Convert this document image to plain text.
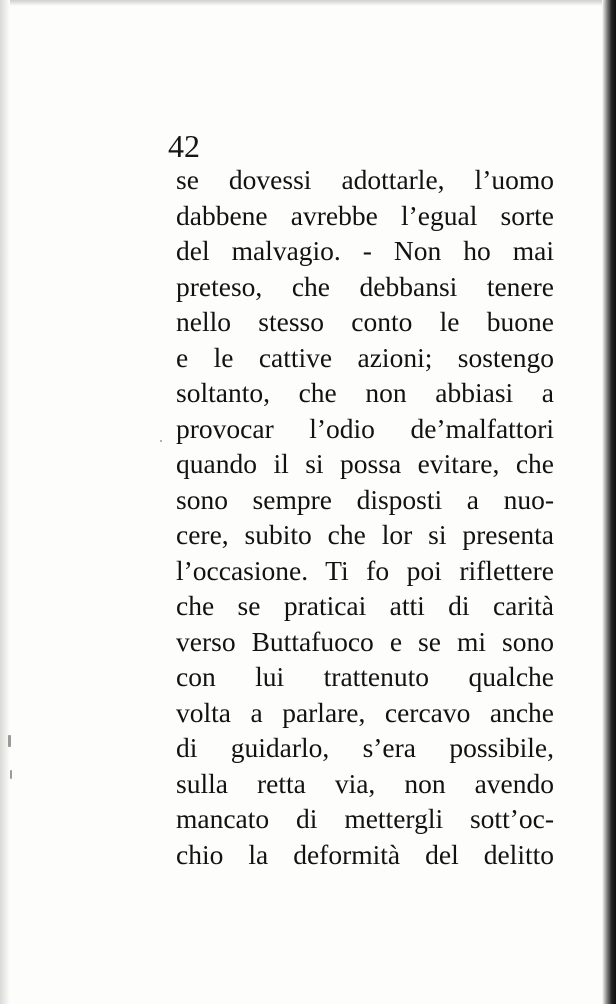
42
se dovessi adottarle, l’uomo
dabbene avrebbe l’egual sorte
del malvagio. - Non ho mai
preteso, che debbansi tenere
nello stesso conto le buone
e le cattive azioni; sostengo
soltanto, che non abbiasi a
provocar l’odio de’malfattori
quando il si possa evitare, che
sono sempre disposti a nuo-
cere, subito che lor si presenta
l’occasione. Ti fo poi riflettere
che se praticai atti di carità
verso Buttafuoco e se mi sono
con lui trattenuto qualche
volta a parlare, cercavo anche
di guidarlo, s’era possibile,
sulla retta via, non avendo
mancato di mettergli sott’oc-
chio la deformità del delitto
